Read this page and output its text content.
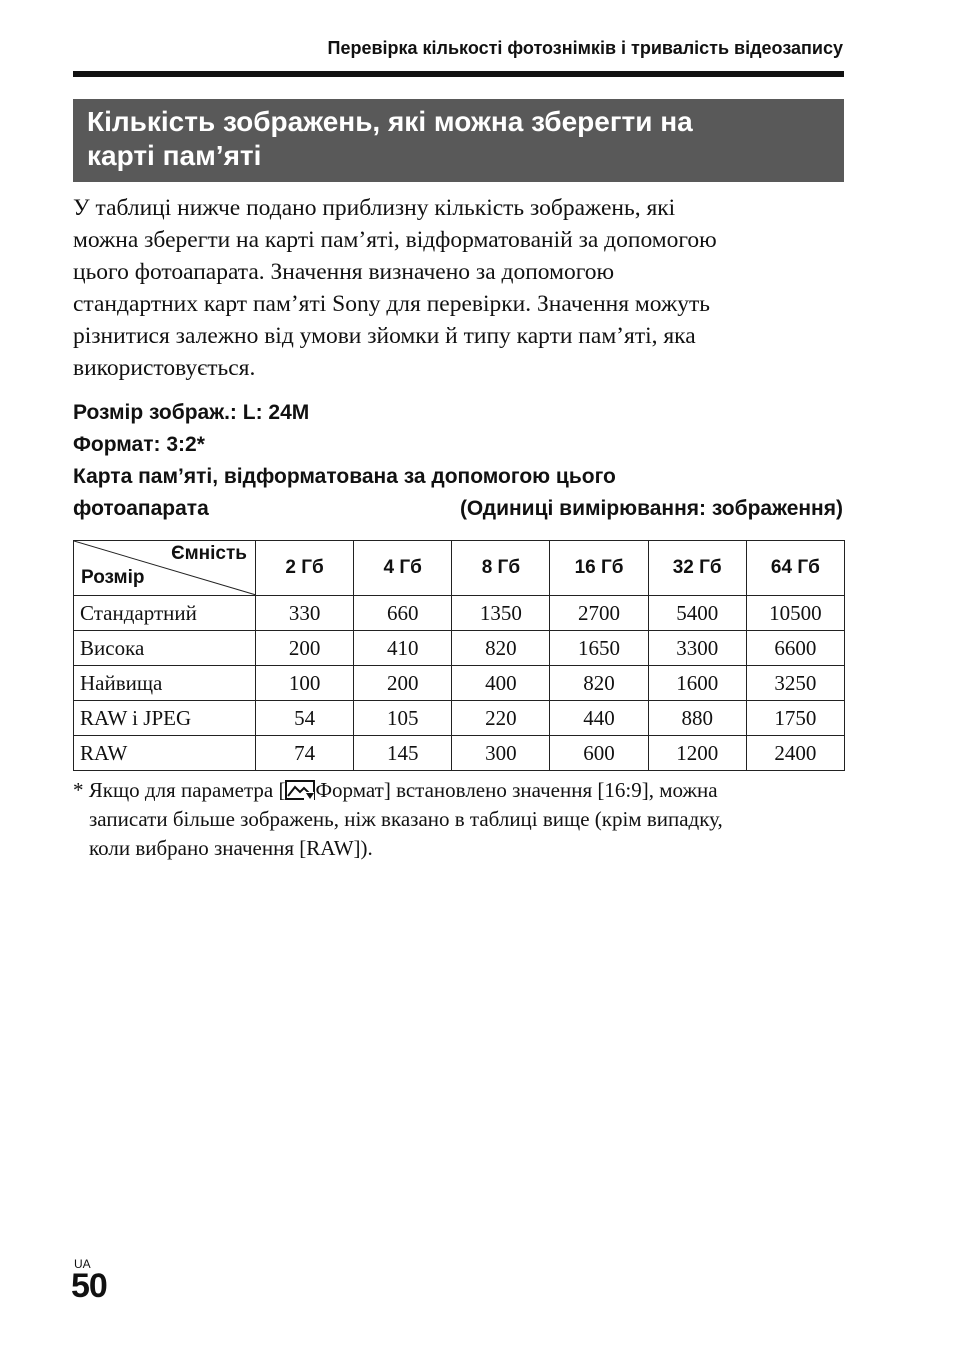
Перевірка кількості фотознімків і тривалість відеозапису
Кількість зображень, які можна зберегти на
карті пам’яті
У таблиці нижче подано приблизну кількість зображень, які
можна зберегти на карті пам’яті, відформатованій за допомогою
цього фотоапарата. Значення визначено за допомогою
стандартних карт пам’яті Sony для перевірки. Значення можуть
різнитися залежно від умови зйомки й типу карти пам’яті, яка
використовується.
Розмір зображ.: L: 24M
Формат: 3:2*
Карта пам’яті, відформатована за допомогою цього
фотоапарата	(Одиниці вимірювання: зображення)
Ємність
Розмір	2 Гб	4 Гб	8 Гб	16 Гб	32 Гб	64 Гб
Стандартний	330	660	1350	2700	5400	10500
Висока	200	410	820	1650	3300	6600
Найвища	100	200	400	820	1600	3250
RAW і JPEG	54	105	220	440	880	1750
RAW	74	145	300	600	1200	2400
* Якщо для параметра [ Формат] встановлено значення [16:9], можна
записати більше зображень, ніж вказано в таблиці вище (крім випадку,
коли вибрано значення [RAW]).
UA
50
